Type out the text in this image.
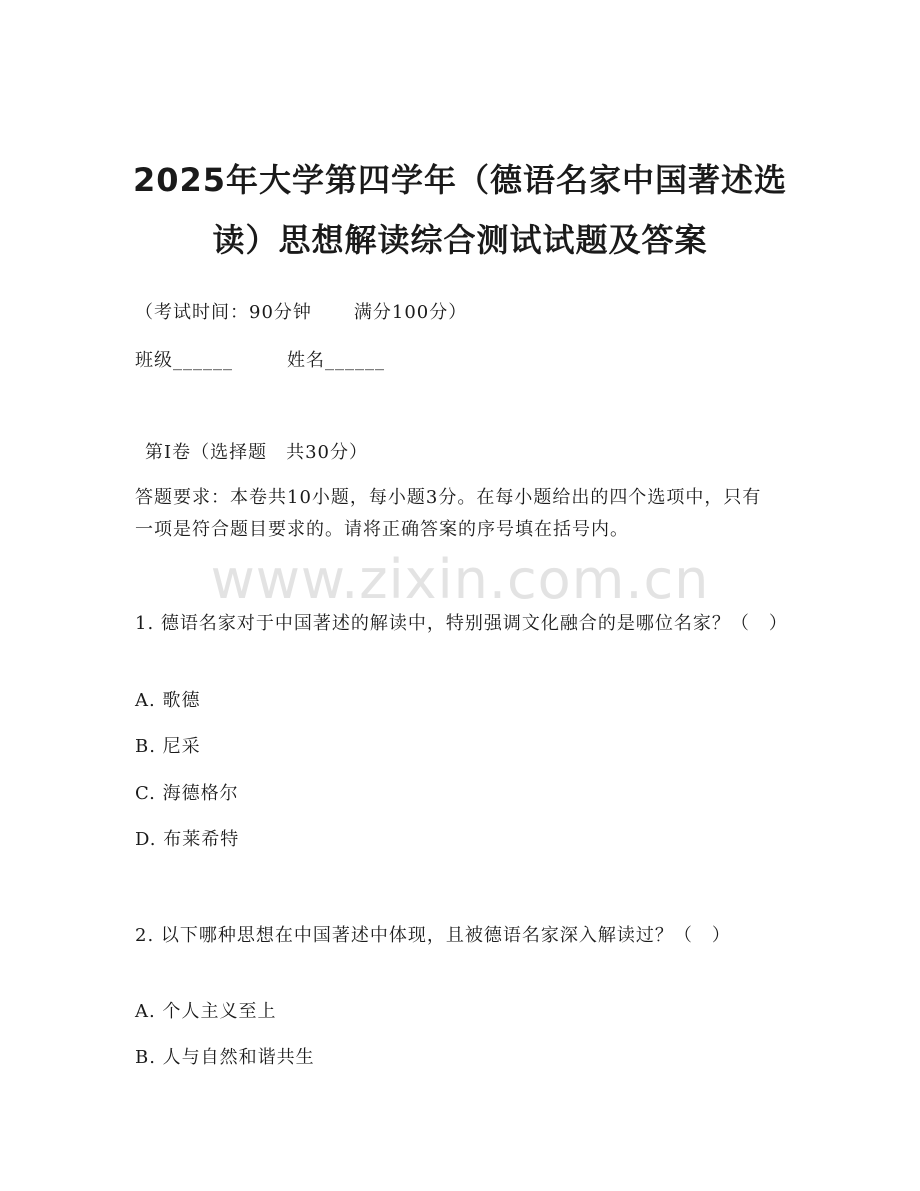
www.zixin.com.cn
2025年大学第四学年（德语名家中国著述选读）思想解读综合测试试题及答案
（考试时间：90分钟 满分100分）
班级______	姓名______
第I卷（选择题　共30分）
答题要求：本卷共10小题，每小题3分。在每小题给出的四个选项中，只有一项是符合题目要求的。请将正确答案的序号填在括号内。
1. 德语名家对于中国著述的解读中，特别强调文化融合的是哪位名家？（　）
A. 歌德
B. 尼采
C. 海德格尔
D. 布莱希特
2. 以下哪种思想在中国著述中体现，且被德语名家深入解读过？（　）
A. 个人主义至上
B. 人与自然和谐共生
